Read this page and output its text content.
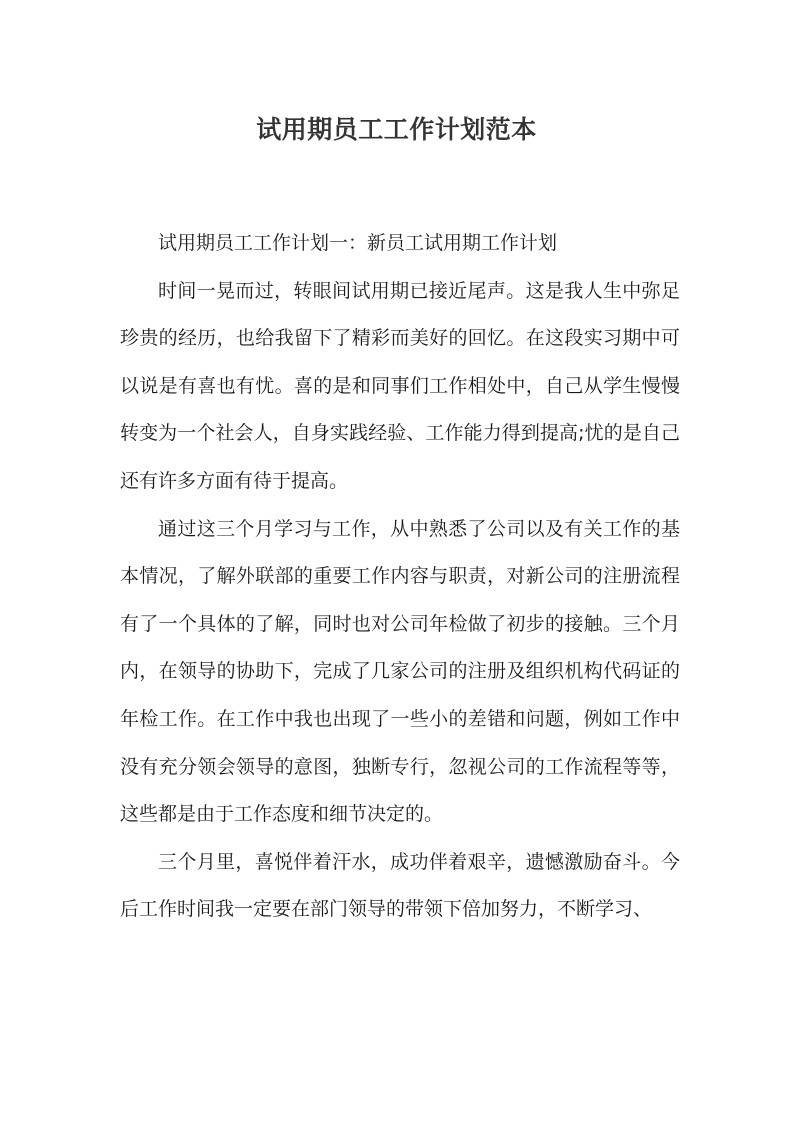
试用期员工工作计划范本

试用期员工工作计划一：新员工试用期工作计划

时间一晃而过，转眼间试用期已接近尾声。这是我人生中弥足珍贵的经历，也给我留下了精彩而美好的回忆。在这段实习期中可以说是有喜也有忧。喜的是和同事们工作相处中，自己从学生慢慢转变为一个社会人，自身实践经验、工作能力得到提高;忧的是自己还有许多方面有待于提高。

通过这三个月学习与工作，从中熟悉了公司以及有关工作的基本情况，了解外联部的重要工作内容与职责，对新公司的注册流程有了一个具体的了解，同时也对公司年检做了初步的接触。三个月内，在领导的协助下，完成了几家公司的注册及组织机构代码证的年检工作。在工作中我也出现了一些小的差错和问题，例如工作中没有充分领会领导的意图，独断专行，忽视公司的工作流程等等，这些都是由于工作态度和细节决定的。

三个月里，喜悦伴着汗水，成功伴着艰辛，遗憾激励奋斗。今后工作时间我一定要在部门领导的带领下倍加努力，不断学习、
